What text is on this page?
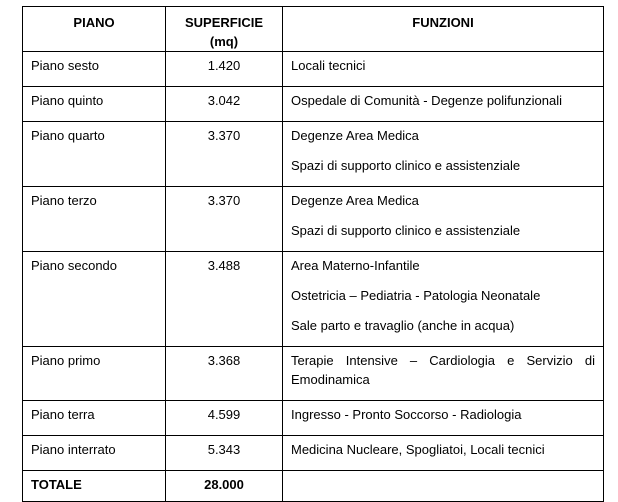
PIANO	SUPERFICIE (mq)	FUNZIONI
Piano sesto	1.420	Locali tecnici

Piano quinto	3.042	Ospedale di Comunità - Degenze polifunzionali

Piano quarto	3.370	Degenze Area Medica

Spazi di supporto clinico e assistenziale

Piano terzo	3.370	Degenze Area Medica

Spazi di supporto clinico e assistenziale

Piano secondo	3.488	Area Materno-Infantile

Ostetricia – Pediatria - Patologia Neonatale

Sale parto e travaglio (anche in acqua)

Piano primo	3.368	Terapie Intensive – Cardiologia e Servizio di Emodinamica

Piano terra	4.599	Ingresso - Pronto Soccorso - Radiologia

Piano interrato	5.343	Medicina Nucleare, Spogliatoi, Locali tecnici

TOTALE	28.000	
